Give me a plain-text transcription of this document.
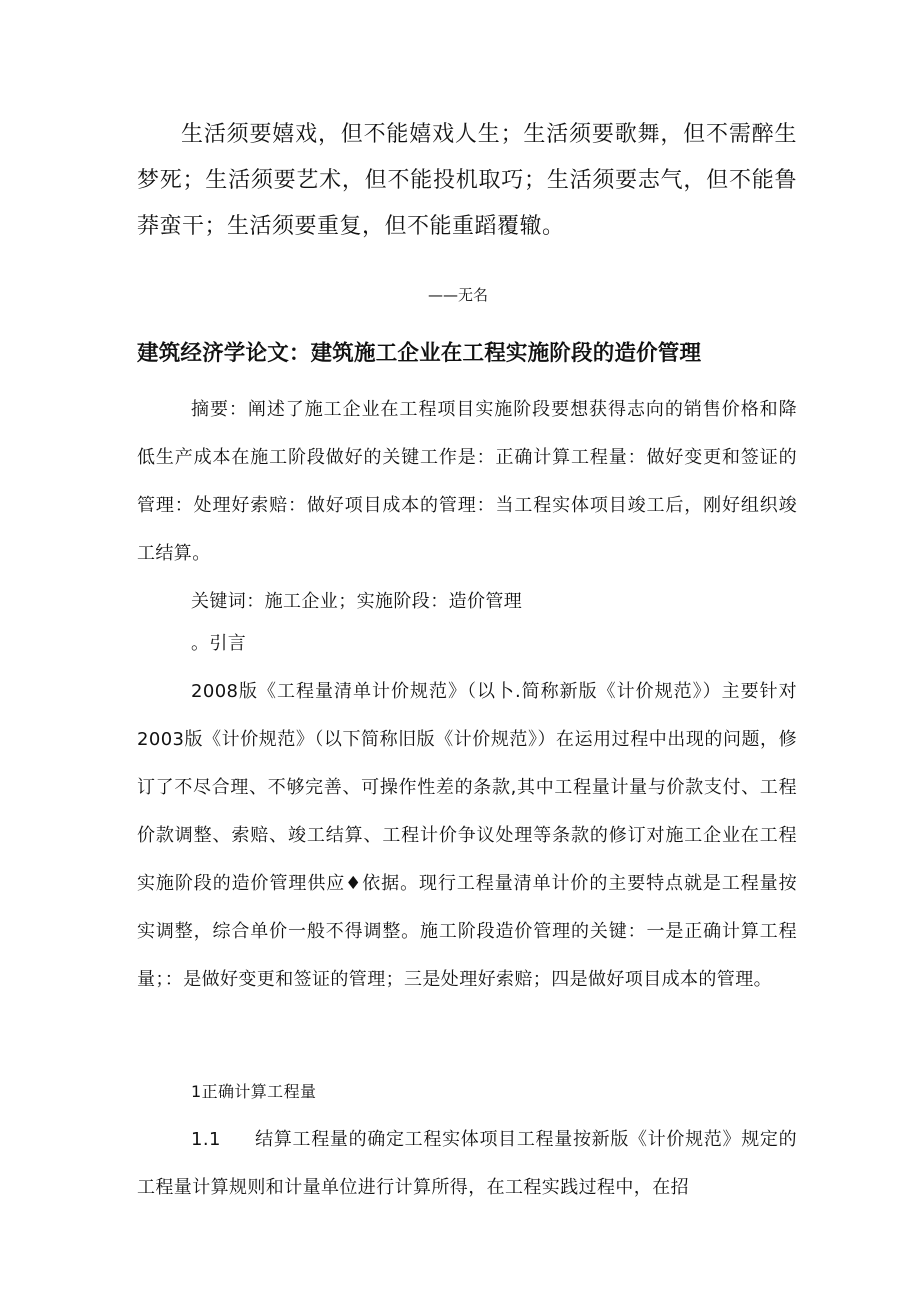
生活须要嬉戏，但不能嬉戏人生；生活须要歌舞，但不需醉生梦死；生活须要艺术，但不能投机取巧；生活须要志气，但不能鲁莽蛮干；生活须要重复，但不能重蹈覆辙。

——无名
建筑经济学论文：建筑施工企业在工程实施阶段的造价管理

摘要：阐述了施工企业在工程项目实施阶段要想获得志向的销售价格和降低生产成本在施工阶段做好的关键工作是：正确计算工程量：做好变更和签证的管理：处理好索赔：做好项目成本的管理：当工程实体项目竣工后，刚好组织竣工结算。

关键词：施工企业；实施阶段：造价管理

。引言

2008版《工程量清单计价规范》（以卜.简称新版《计价规范》）主要针对2003版《计价规范》（以下简称旧版《计价规范》）在运用过程中出现的问题，修订了不尽合理、不够完善、可操作性差的条款,其中工程量计量与价款支付、工程价款调整、索赔、竣工结算、工程计价争议处理等条款的修订对施工企业在工程实施阶段的造价管理供应♦依据。现行工程量清单计价的主要特点就是工程量按实调整，综合单价一般不得调整。施工阶段造价管理的关键：一是正确计算工程量；：是做好变更和签证的管理；三是处理好索赔；四是做好项目成本的管理。

1正确计算工程量

1.1 结算工程量的确定工程实体项目工程量按新版《计价规范》规定的工程量计算规则和计量单位进行计算所得，在工程实践过程中，在招
